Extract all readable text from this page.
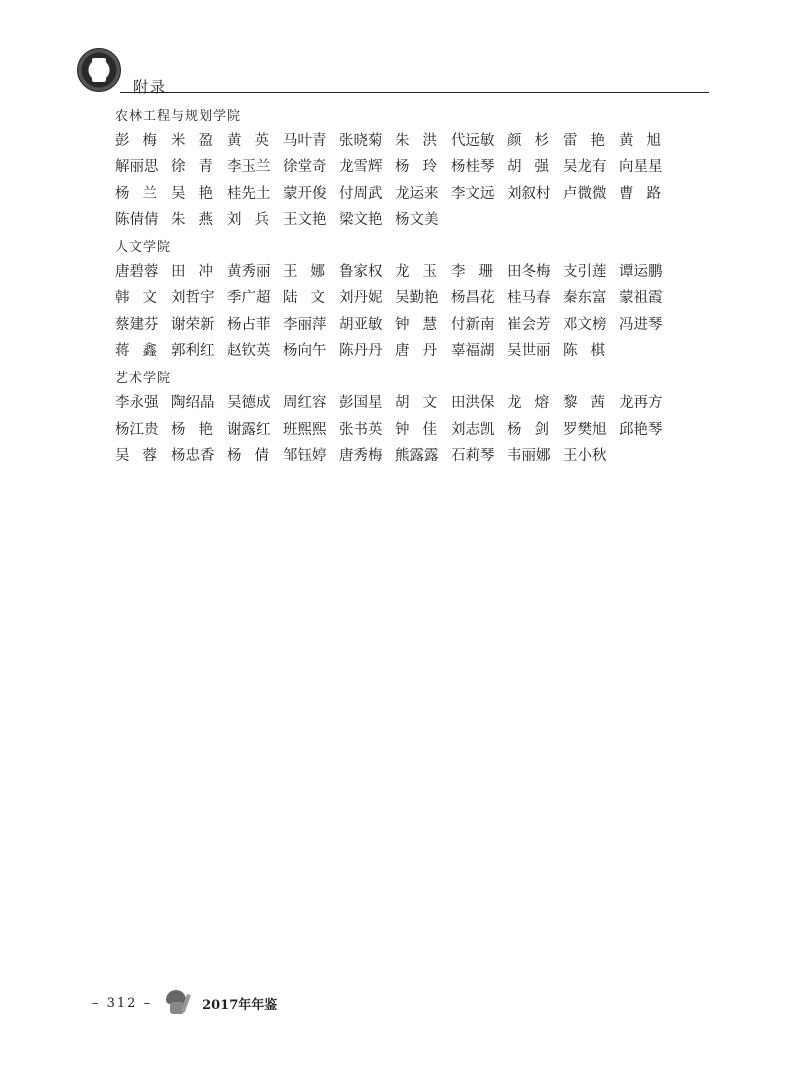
附录
农林工程与规划学院
彭梅 米盈 黄英 马叶青 张晓菊 朱洪 代远敏 颜杉 雷艳 黄旭
解丽思 徐青 李玉兰 徐堂奇 龙雪辉 杨玲 杨桂琴 胡强 吴龙有 向星星
杨兰 吴艳 桂先土 蒙开俊 付周武 龙运来 李文远 刘叙村 卢微微 曹路
陈倩倩 朱燕 刘兵 王文艳 梁文艳 杨文美
人文学院
唐碧蓉 田冲 黄秀丽 王娜 鲁家权 龙玉 李珊 田冬梅 支引莲 谭运鹏
韩文 刘哲宇 季广超 陆文 刘丹妮 吴勤艳 杨昌花 桂马春 秦东富 蒙祖霞
蔡建芬 谢荣新 杨占菲 李丽萍 胡亚敏 钟慧 付新南 崔会芳 邓文榜 冯进琴
蒋鑫 郭利红 赵钦英 杨向午 陈丹丹 唐丹 辜福湖 吴世丽 陈棋
艺术学院
李永强 陶绍晶 吴德成 周红容 彭国星 胡文 田洪保 龙熔 黎茜 龙再方
杨江贵 杨艳 谢露红 班熙熙 张书英 钟佳 刘志凯 杨剑 罗樊旭 邱艳琴
吴蓉 杨忠香 杨倩 邹钰婷 唐秀梅 熊露露 石莉琴 韦丽娜 王小秋
– 312 –	2017年年鉴
